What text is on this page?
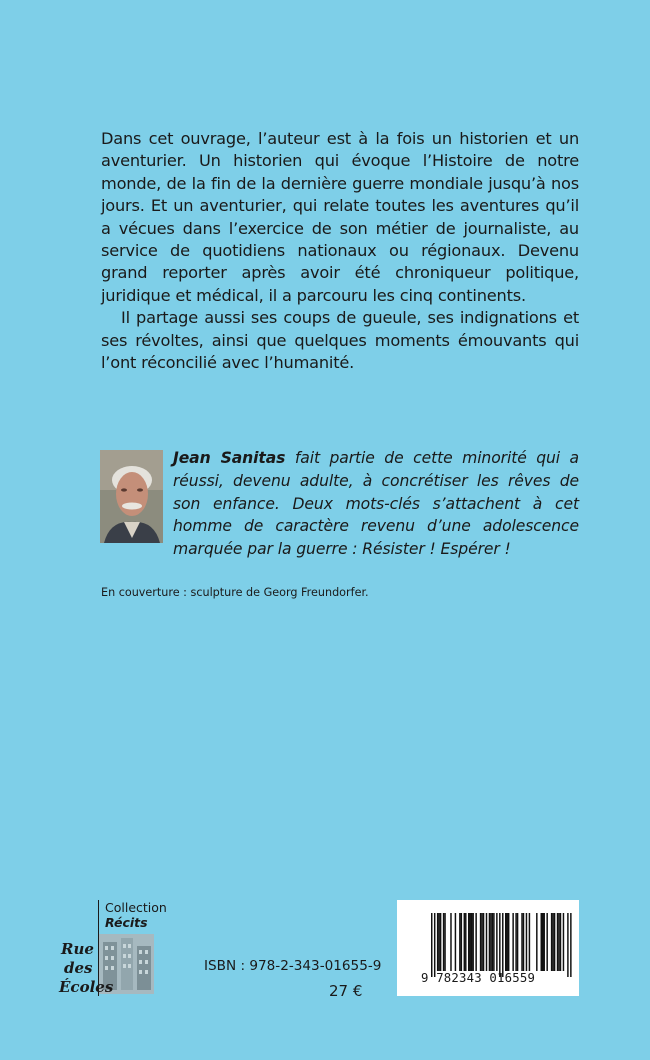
Dans cet ouvrage, l’auteur est à la fois un historien et un aventurier. Un historien qui évoque l’Histoire de notre monde, de la fin de la dernière guerre mondiale jusqu’à nos jours. Et un aventurier, qui relate toutes les aventures qu’il a vécues dans l’exercice de son métier de journaliste, au service de quotidiens nationaux ou régionaux. Devenu grand reporter après avoir été chroniqueur politique, juridique et médical, il a parcouru les cinq continents.

Il partage aussi ses coups de gueule, ses indignations et ses révoltes, ainsi que quelques moments émouvants qui l’ont réconcilié avec l’humanité.

Jean Sanitas fait partie de cette minorité qui a réussi, devenu adulte, à concrétiser les rêves de son enfance. Deux mots-clés s’attachent à cet homme de caractère revenu d’une adolescence marquée par la guerre : Résister ! Espérer !

En couverture : sculpture de Georg Freundorfer.
Collection
Récits
Rue
des
Écoles
ISBN : 978-2-343-01655-9
27 €
9 782343 016559
